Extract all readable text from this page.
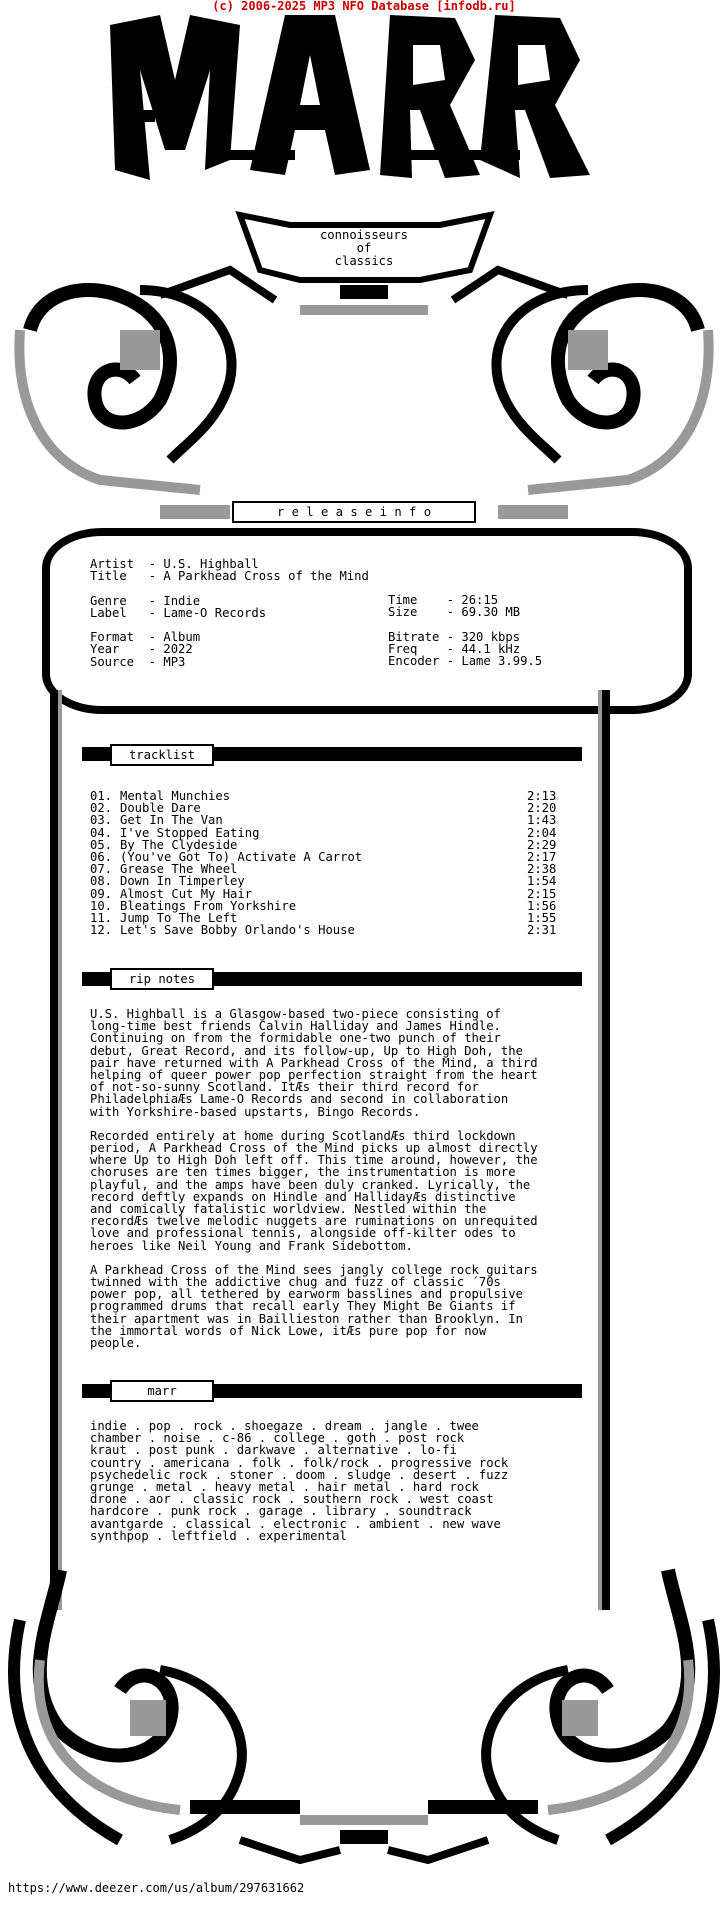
(c) 2006-2025 MP3 NFO Database [infodb.ru]
connoisseurs
of
classics
r e l e a s e i n f o
Artist  - U.S. Highball
Title   - A Parkhead Cross of the Mind

Genre   - Indie
Label   - Lame-O Records

Format  - Album
Year    - 2022
Source  - MP3
Time    - 26:15
Size    - 69.30 MB

Bitrate - 320 kbps
Freq    - 44.1 kHz
Encoder - Lame 3.99.5
tracklist
01. Mental Munchies	2:13
02. Double Dare	2:20
03. Get In The Van	1:43
04. I've Stopped Eating	2:04
05. By The Clydeside	2:29
06. (You've Got To) Activate A Carrot	2:17
07. Grease The Wheel	2:38
08. Down In Timperley	1:54
09. Almost Cut My Hair	2:15
10. Bleatings From Yorkshire	1:56
11. Jump To The Left	1:55
12. Let's Save Bobby Orlando's House	2:31
rip notes
U.S. Highball is a Glasgow-based two-piece consisting of
long-time best friends Calvin Halliday and James Hindle.
Continuing on from the formidable one-two punch of their
debut, Great Record, and its follow-up, Up to High Doh, the
pair have returned with A Parkhead Cross of the Mind, a third
helping of queer power pop perfection straight from the heart
of not-so-sunny Scotland. ItÆs their third record for
PhiladelphiaÆs Lame-O Records and second in collaboration
with Yorkshire-based upstarts, Bingo Records.
Recorded entirely at home during ScotlandÆs third lockdown
period, A Parkhead Cross of the Mind picks up almost directly
where Up to High Doh left off. This time around, however, the
choruses are ten times bigger, the instrumentation is more
playful, and the amps have been duly cranked. Lyrically, the
record deftly expands on Hindle and HallidayÆs distinctive
and comically fatalistic worldview. Nestled within the
recordÆs twelve melodic nuggets are ruminations on unrequited
love and professional tennis, alongside off-kilter odes to
heroes like Neil Young and Frank Sidebottom.
A Parkhead Cross of the Mind sees jangly college rock guitars
twinned with the addictive chug and fuzz of classic ´70s
power pop, all tethered by earworm basslines and propulsive
programmed drums that recall early They Might Be Giants if
their apartment was in Baillieston rather than Brooklyn. In
the immortal words of Nick Lowe, itÆs pure pop for now
people.
marr
indie . pop . rock . shoegaze . dream . jangle . twee
chamber . noise . c-86 . college . goth . post rock
kraut . post punk . darkwave . alternative . lo-fi
country . americana . folk . folk/rock . progressive rock
psychedelic rock . stoner . doom . sludge . desert . fuzz
grunge . metal . heavy metal . hair metal . hard rock
drone . aor . classic rock . southern rock . west coast
hardcore . punk rock . garage . library . soundtrack
avantgarde . classical . electronic . ambient . new wave
synthpop . leftfield . experimental
https://www.deezer.com/us/album/297631662
